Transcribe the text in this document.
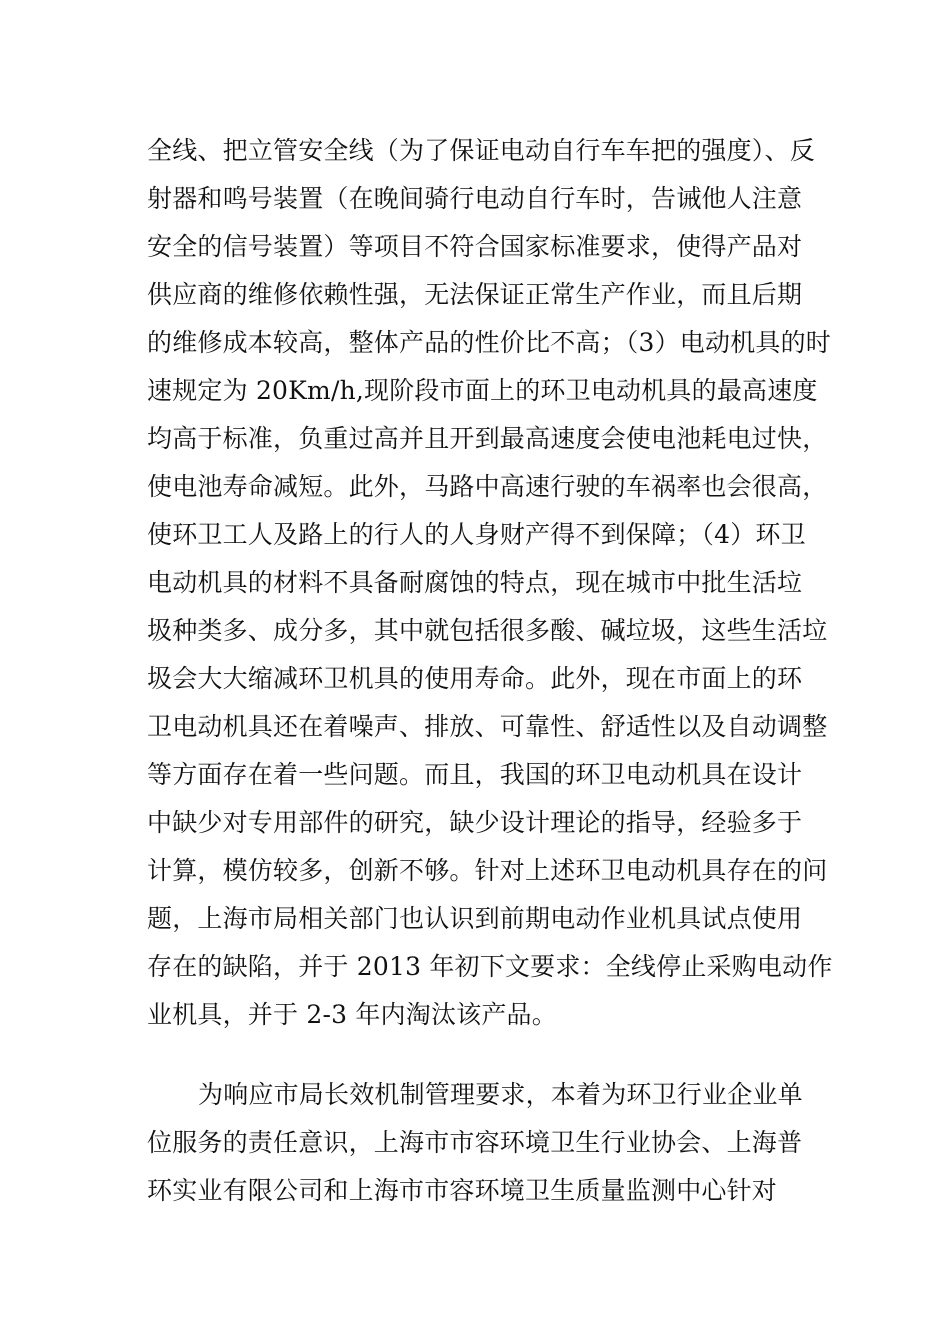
全线、把立管安全线（为了保证电动自行车车把的强度）、反
射器和鸣号装置（在晚间骑行电动自行车时，告诫他人注意
安全的信号装置）等项目不符合国家标准要求，使得产品对
供应商的维修依赖性强，无法保证正常生产作业，而且后期
的维修成本较高，整体产品的性价比不高；（3）电动机具的时
速规定为 20Km/h,现阶段市面上的环卫电动机具的最高速度
均高于标准，负重过高并且开到最高速度会使电池耗电过快，
使电池寿命减短。此外，马路中高速行驶的车祸率也会很高，
使环卫工人及路上的行人的人身财产得不到保障；（4）环卫
电动机具的材料不具备耐腐蚀的特点，现在城市中批生活垃
圾种类多、成分多，其中就包括很多酸、碱垃圾，这些生活垃
圾会大大缩减环卫机具的使用寿命。此外，现在市面上的环
卫电动机具还在着噪声、排放、可靠性、舒适性以及自动调整
等方面存在着一些问题。而且，我国的环卫电动机具在设计
中缺少对专用部件的研究，缺少设计理论的指导，经验多于
计算，模仿较多，创新不够。针对上述环卫电动机具存在的问
题，上海市局相关部门也认识到前期电动作业机具试点使用
存在的缺陷，并于 2013 年初下文要求：全线停止采购电动作
业机具，并于 2-3 年内淘汰该产品。
为响应市局长效机制管理要求，本着为环卫行业企业单
位服务的责任意识，上海市市容环境卫生行业协会、上海普
环实业有限公司和上海市市容环境卫生质量监测中心针对
